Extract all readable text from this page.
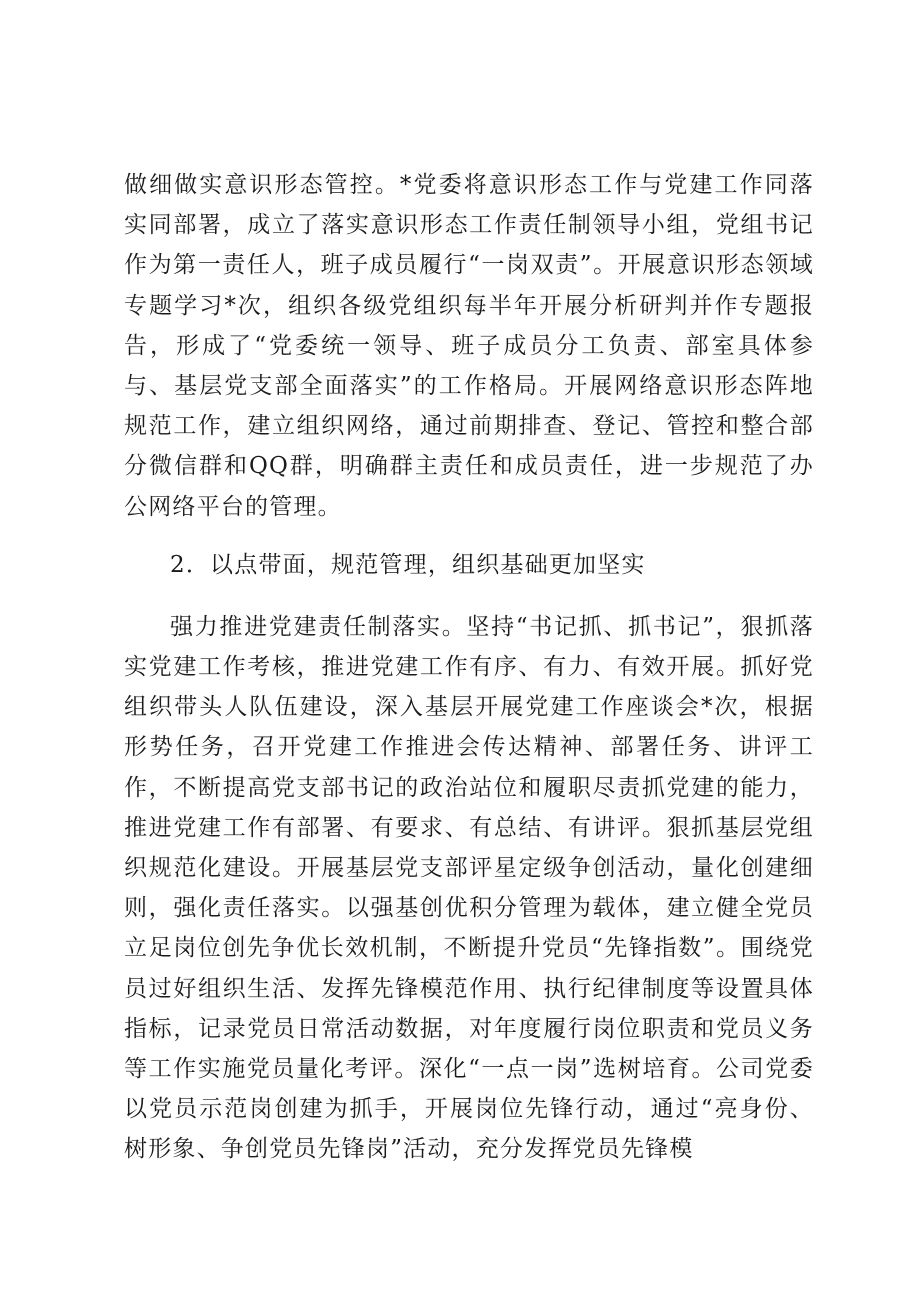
做细做实意识形态管控。*党委将意识形态工作与党建工作同落实同部署，成立了落实意识形态工作责任制领导小组，党组书记作为第一责任人，班子成员履行“一岗双责”。开展意识形态领域专题学习*次，组织各级党组织每半年开展分析研判并作专题报告，形成了“党委统一领导、班子成员分工负责、部室具体参与、基层党支部全面落实”的工作格局。开展网络意识形态阵地规范工作，建立组织网络，通过前期排查、登记、管控和整合部分微信群和QQ群，明确群主责任和成员责任，进一步规范了办公网络平台的管理。

2．以点带面，规范管理，组织基础更加坚实

强力推进党建责任制落实。坚持“书记抓、抓书记”，狠抓落实党建工作考核，推进党建工作有序、有力、有效开展。抓好党组织带头人队伍建设，深入基层开展党建工作座谈会*次，根据形势任务，召开党建工作推进会传达精神、部署任务、讲评工作，不断提高党支部书记的政治站位和履职尽责抓党建的能力，推进党建工作有部署、有要求、有总结、有讲评。狠抓基层党组织规范化建设。开展基层党支部评星定级争创活动，量化创建细则，强化责任落实。以强基创优积分管理为载体，建立健全党员立足岗位创先争优长效机制，不断提升党员“先锋指数”。围绕党员过好组织生活、发挥先锋模范作用、执行纪律制度等设置具体指标，记录党员日常活动数据，对年度履行岗位职责和党员义务等工作实施党员量化考评。深化“一点一岗”选树培育。公司党委以党员示范岗创建为抓手，开展岗位先锋行动，通过“亮身份、树形象、争创党员先锋岗”活动，充分发挥党员先锋模
